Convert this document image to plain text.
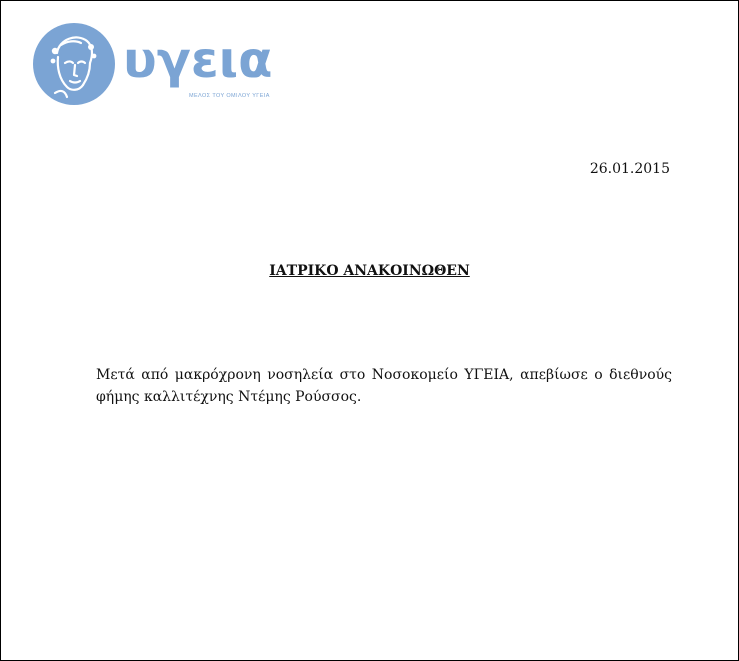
υγεια
ΜΕΛΟΣ ΤΟΥ ΟΜΙΛΟΥ ΥΓΕΙΑ
26.01.2015
ΙΑΤΡΙΚΟ ΑΝΑΚΟΙΝΩΘΕΝ
Μετά από μακρόχρονη νοσηλεία στο Νοσοκομείο ΥΓΕΙΑ, απεβίωσε ο διεθνούς φήμης καλλιτέχνης Ντέμης Ρούσσος.
